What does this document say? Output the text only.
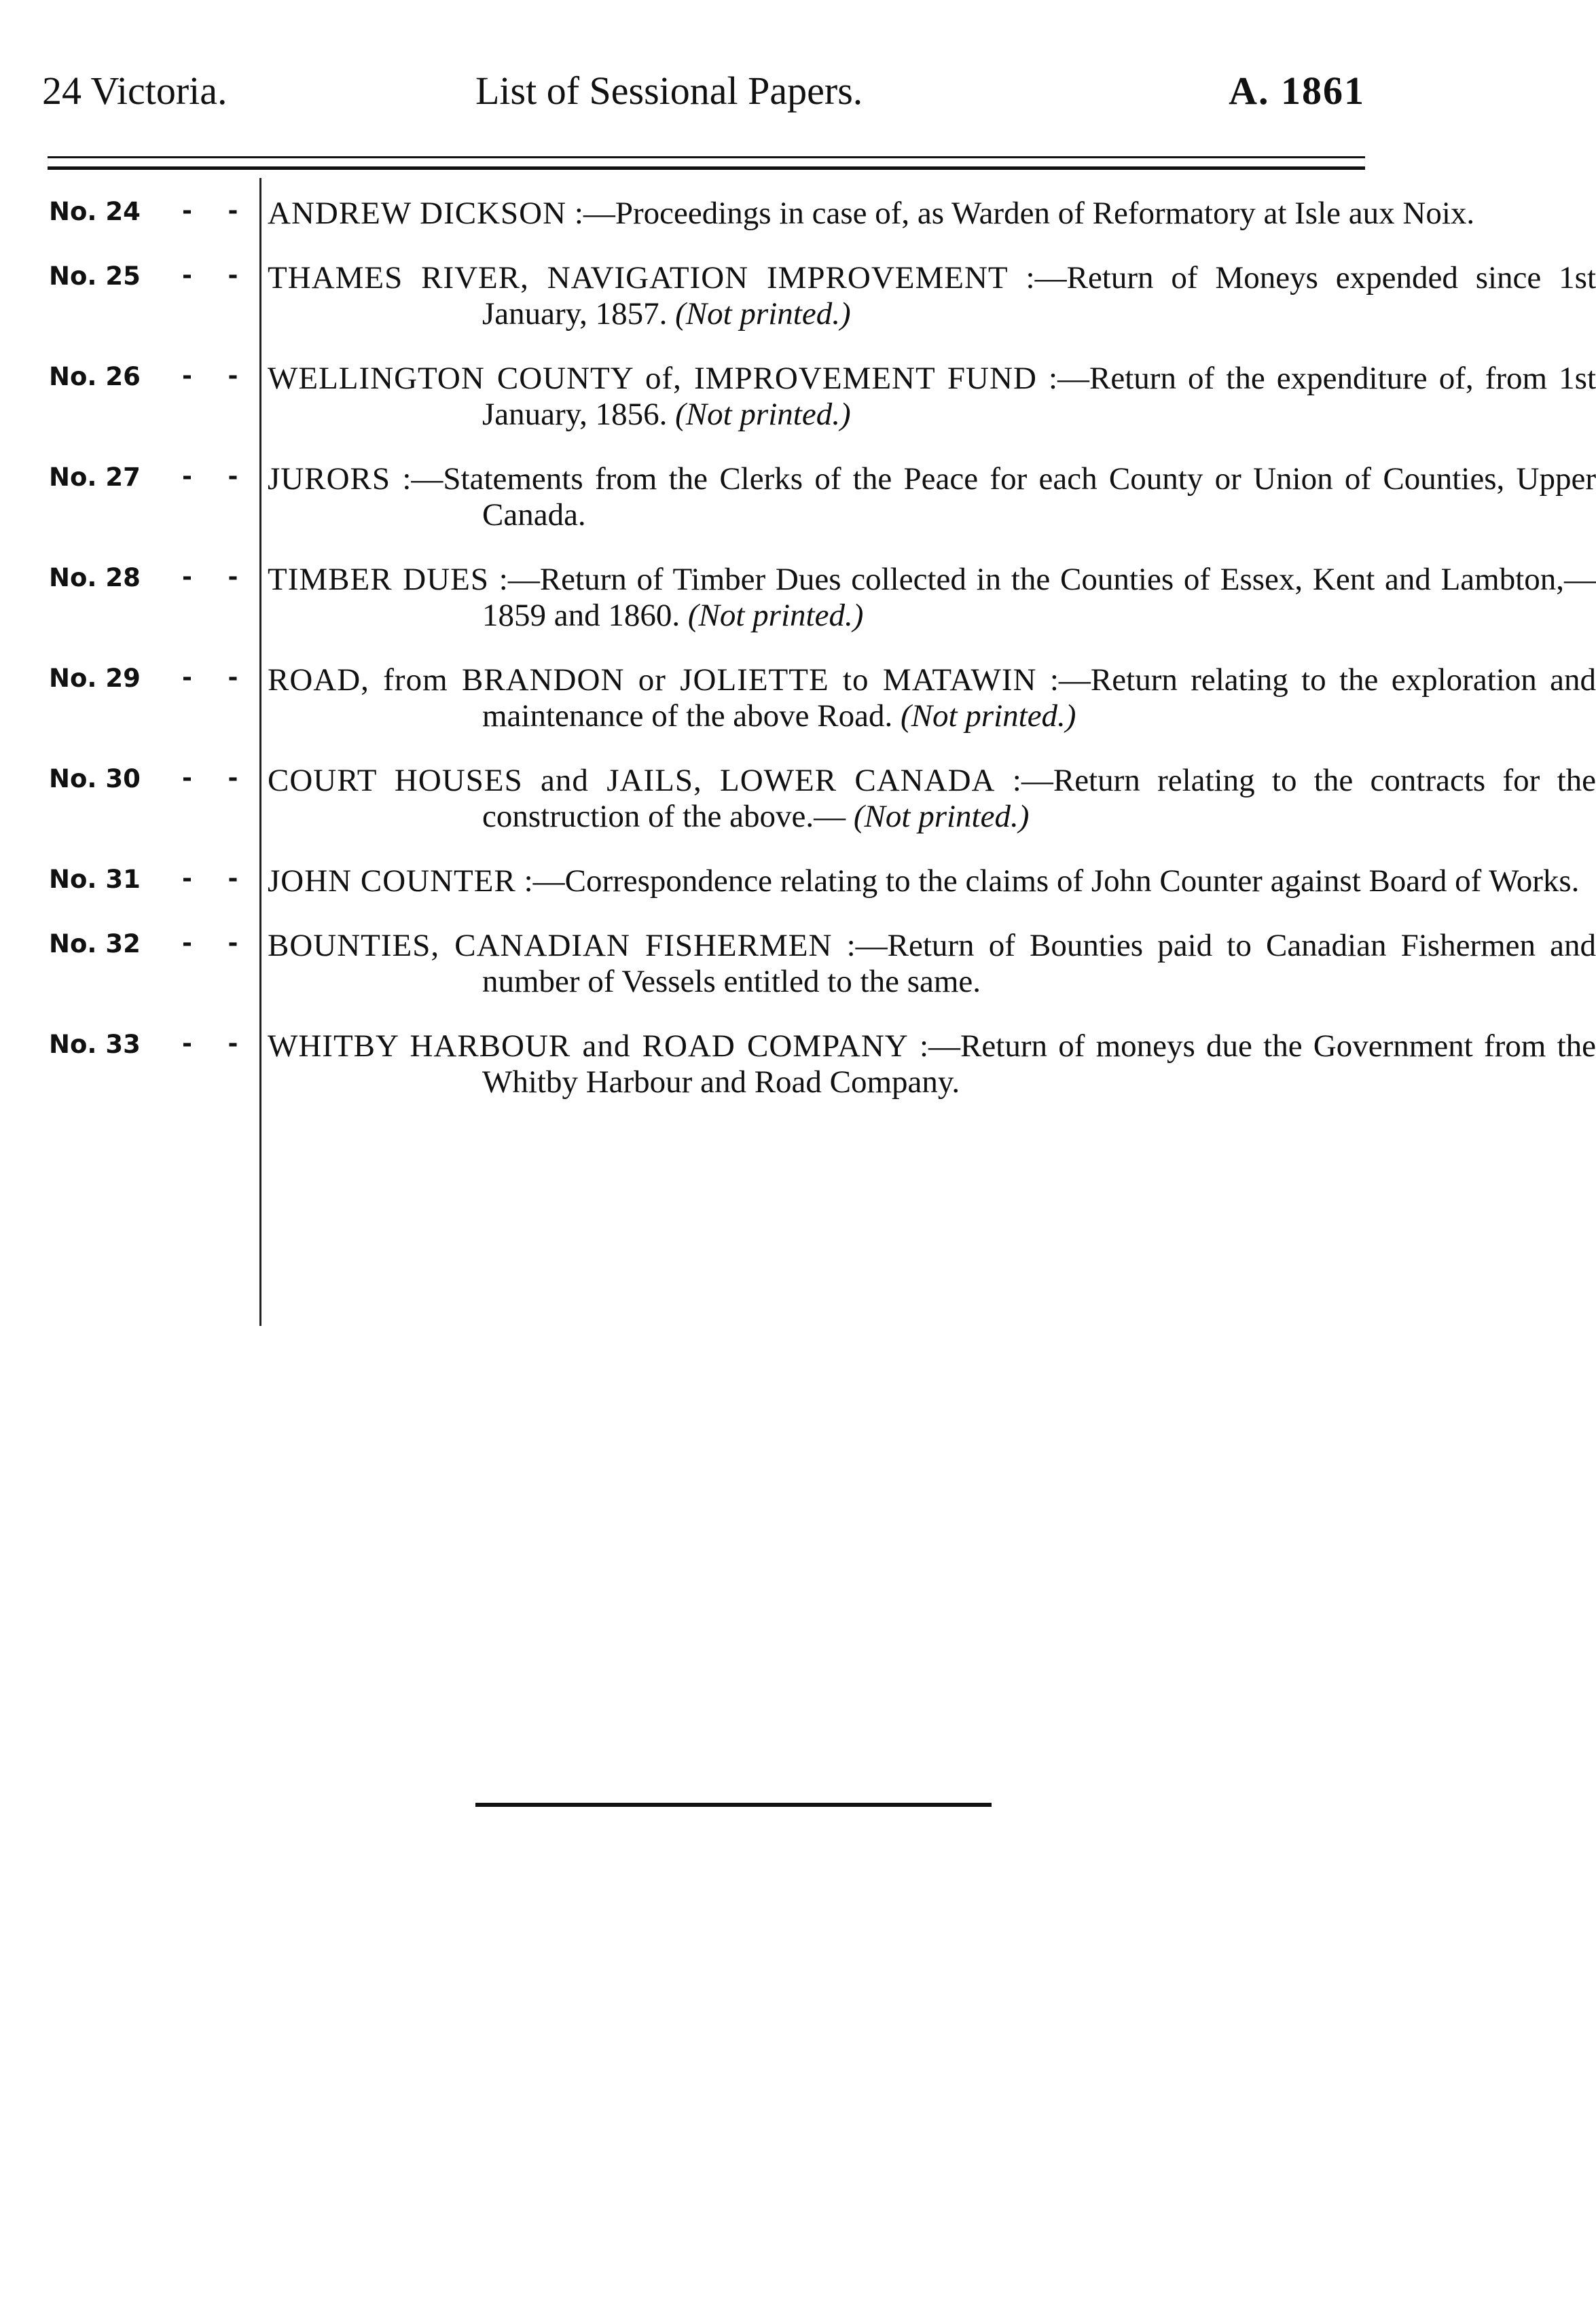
24 Victoria.	List of Sessional Papers.	A. 1861
No. 24 - - ANDREW DICKSON :—Proceedings in case of, as Warden of Reformatory at Isle aux Noix.
No. 25 - - THAMES RIVER, NAVIGATION IMPROVEMENT :—Return of Moneys expended since 1st January, 1857. (Not printed.)
No. 26 - - WELLINGTON COUNTY of, IMPROVEMENT FUND :—Return of the expenditure of, from 1st January, 1856. (Not printed.)
No. 27 - - JURORS :—Statements from the Clerks of the Peace for each County or Union of Counties, Upper Canada.
No. 28 - - TIMBER DUES :—Return of Timber Dues collected in the Counties of Essex, Kent and Lambton,—1859 and 1860. (Not printed.)
No. 29 - - ROAD, from BRANDON or JOLIETTE to MATAWIN :—Return relating to the exploration and maintenance of the above Road. (Not printed.)
No. 30 - - COURT HOUSES and JAILS, LOWER CANADA :—Return relating to the contracts for the construction of the above.— (Not printed.)
No. 31 - - JOHN COUNTER :—Correspondence relating to the claims of John Counter against Board of Works.
No. 32 - - BOUNTIES, CANADIAN FISHERMEN :—Return of Bounties paid to Canadian Fishermen and number of Vessels entitled to the same.
No. 33 - - WHITBY HARBOUR and ROAD COMPANY :—Return of moneys due the Government from the Whitby Harbour and Road Company.
